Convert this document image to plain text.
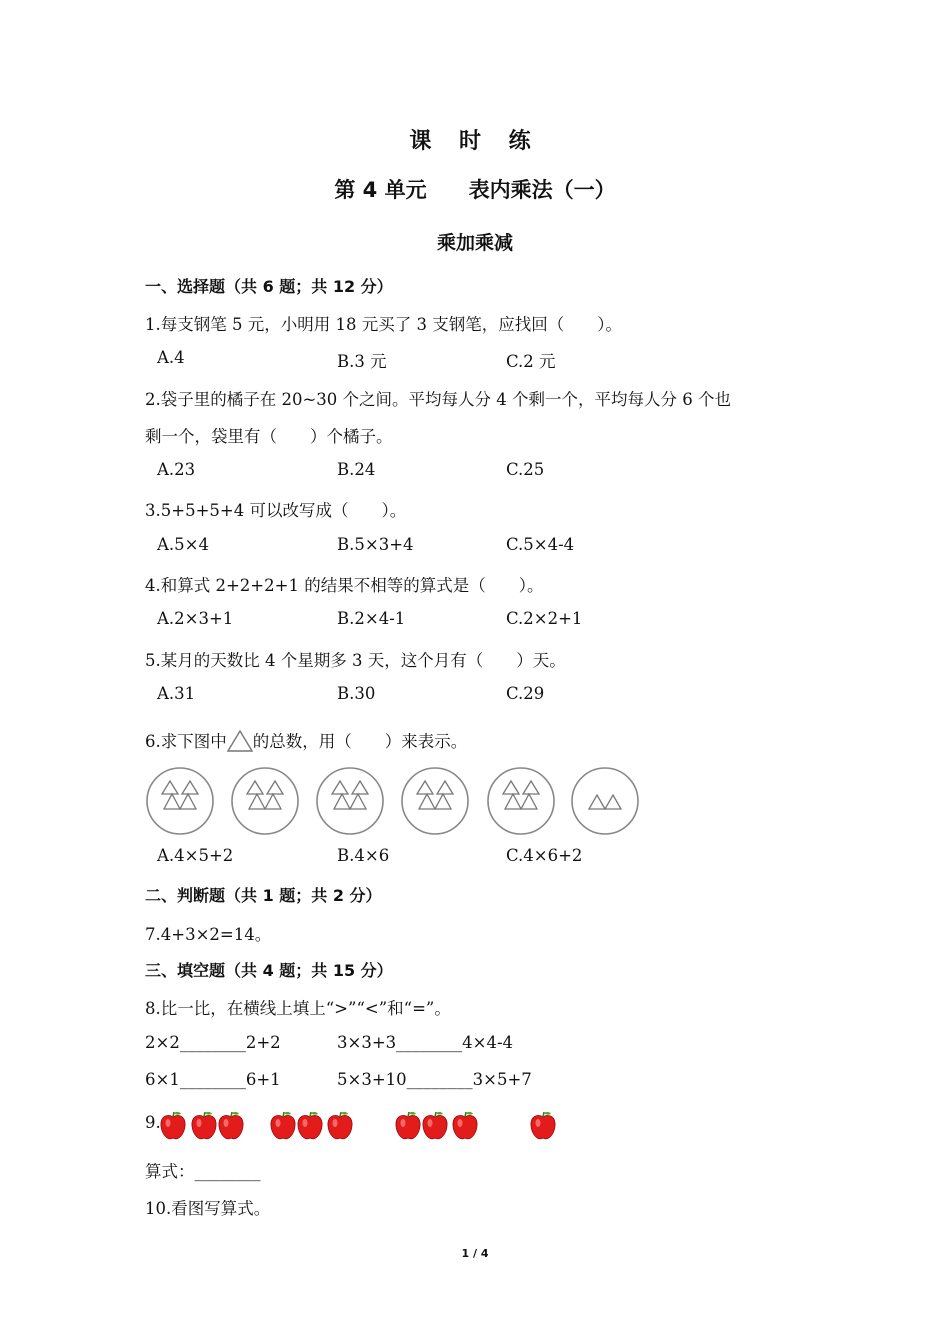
课 时 练
第 4 单元　　表内乘法（一）
乘加乘减
一、选择题（共 6 题；共 12 分）
1.每支钢笔 5 元，小明用 18 元买了 3 支钢笔，应找回（　　）。
A.4	B.3 元	C.2 元
2.袋子里的橘子在 20~30 个之间。平均每人分 4 个剩一个，平均每人分 6 个也
剩一个，袋里有（　　）个橘子。
A.23	B.24	C.25
3.5+5+5+4 可以改写成（　　）。
A.5×4	B.5×3+4	C.5×4-4
4.和算式 2+2+2+1 的结果不相等的算式是（　　）。
A.2×3+1	B.2×4-1	C.2×2+1
5.某月的天数比 4 个星期多 3 天，这个月有（　　）天。
A.31	B.30	C.29
6.求下图中 的总数，用（　　）来表示。
A.4×5+2	B.4×6	C.4×6+2
二、判断题（共 1 题；共 2 分）
7.4+3×2=14。
三、填空题（共 4 题；共 15 分）
8.比一比，在横线上填上“>”“<”和“=”。
2×2________2+2	3×3+3________4×4-4
6×1________6+1	5×3+10________3×5+7
9.
算式：________
10.看图写算式。
1 / 4
